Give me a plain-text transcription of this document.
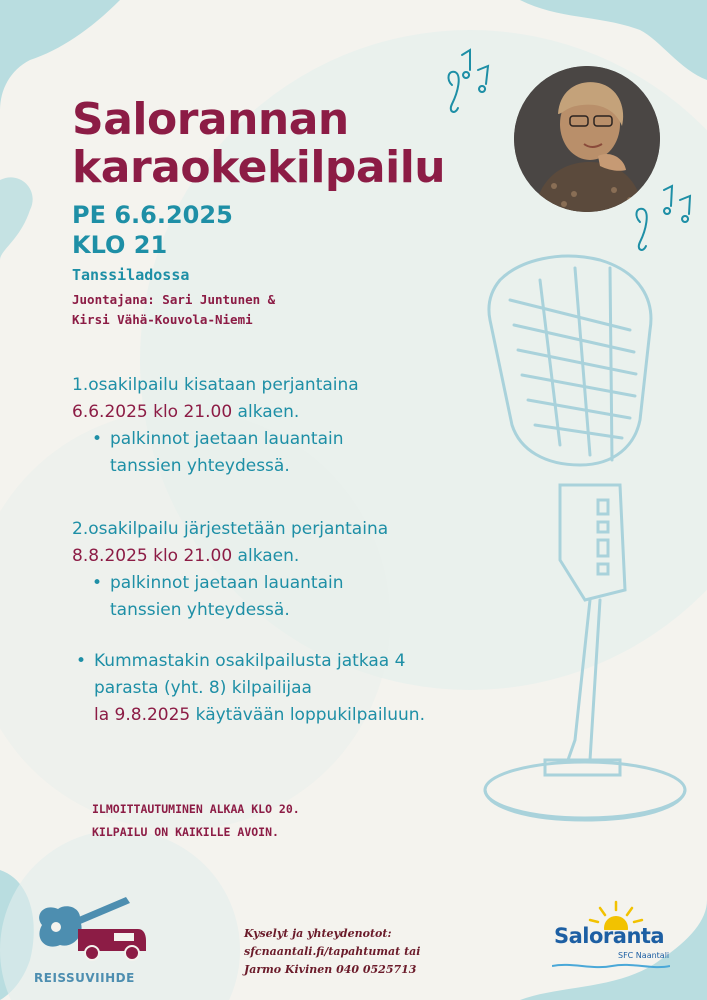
Salorannan
karaokekilpailu
PE 6.6.2025
KLO 21
Tanssiladossa
Juontajana: Sari Juntunen &
Kirsi Vähä-Kouvola-Niemi
1.osakilpailu kisataan perjantaina
6.6.2025 klo 21.00 alkaen.
• palkinnot jaetaan lauantain
tanssien yhteydessä.
2.osakilpailu järjestetään perjantaina
8.8.2025 klo 21.00 alkaen.
• palkinnot jaetaan lauantain
tanssien yhteydessä.
• Kummastakin osakilpailusta jatkaa 4
parasta (yht. 8) kilpailijaa
la 9.8.2025 käytävään loppukilpailuun.
ILMOITTAUTUMINEN ALKAA KLO 20.
KILPAILU ON KAIKILLE AVOIN.
REISSUVIIHDE
Kyselyt ja yhteydenotot:
sfcnaantali.fi/tapahtumat tai
Jarmo Kivinen 040 0525713
Saloranta
SFC Naantali
